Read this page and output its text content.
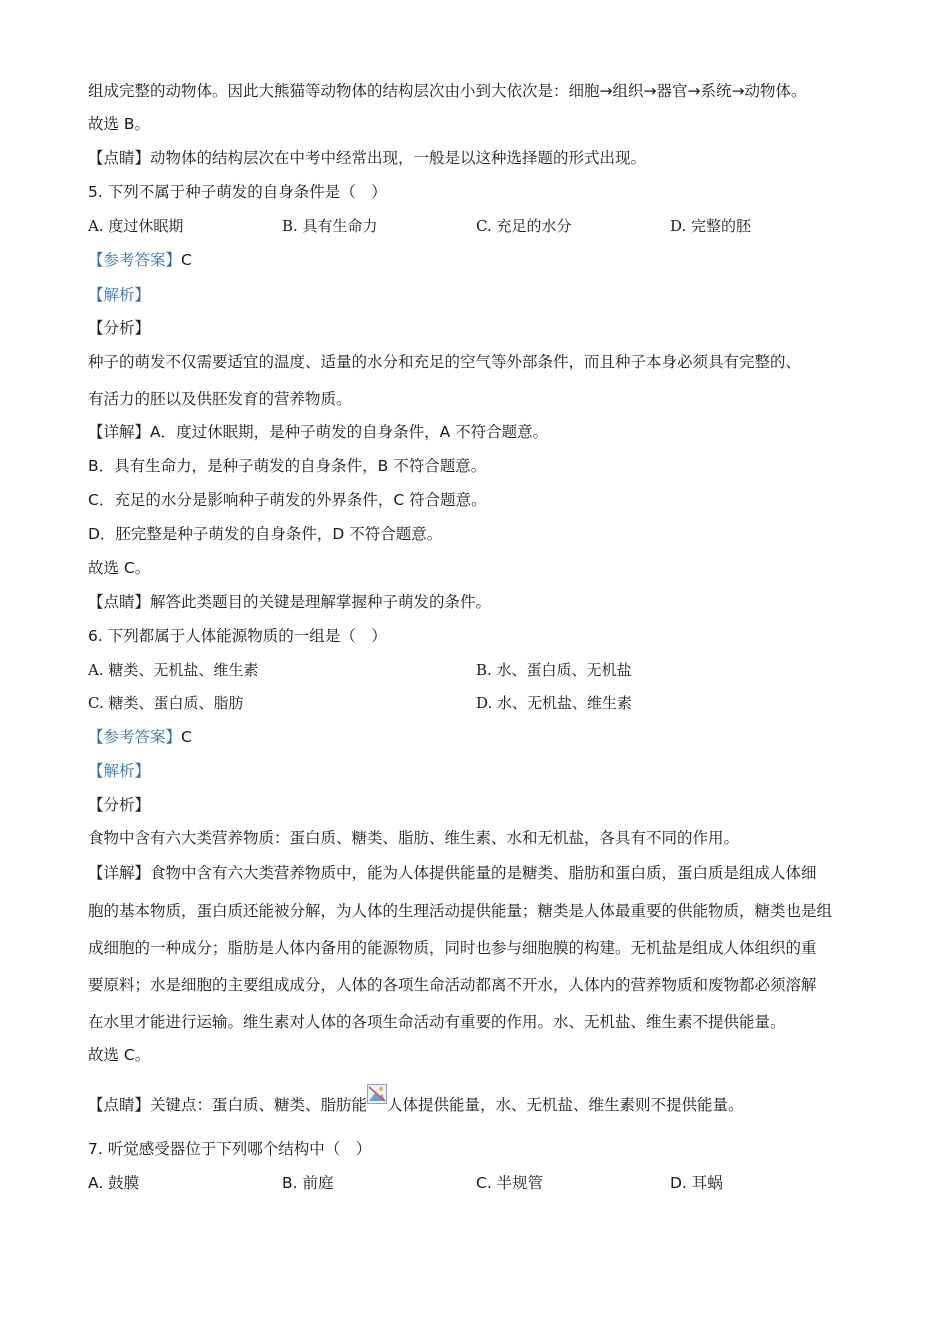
组成完整的动物体。因此大熊猫等动物体的结构层次由小到大依次是：细胞→组织→器官→系统→动物体。
故选 B。
【点睛】动物体的结构层次在中考中经常出现，一般是以这种选择题的形式出现。
5. 下列不属于种子萌发的自身条件是（　）
A. 度过休眠期	B. 具有生命力	C. 充足的水分	D. 完整的胚
【参考答案】C
【解析】
【分析】
种子的萌发不仅需要适宜的温度、适量的水分和充足的空气等外部条件，而且种子本身必须具有完整的、
有活力的胚以及供胚发育的营养物质。
【详解】A．度过休眠期，是种子萌发的自身条件，A 不符合题意。
B．具有生命力，是种子萌发的自身条件，B 不符合题意。
C．充足的水分是影响种子萌发的外界条件，C 符合题意。
D．胚完整是种子萌发的自身条件，D 不符合题意。
故选 C。
【点睛】解答此类题目的关键是理解掌握种子萌发的条件。
6. 下列都属于人体能源物质的一组是（　）
A. 糖类、无机盐、维生素	B. 水、蛋白质、无机盐
C. 糖类、蛋白质、脂肪	D. 水、无机盐、维生素
【参考答案】C
【解析】
【分析】
食物中含有六大类营养物质：蛋白质、糖类、脂肪、维生素、水和无机盐，各具有不同的作用。
【详解】食物中含有六大类营养物质中，能为人体提供能量的是糖类、脂肪和蛋白质，蛋白质是组成人体细
胞的基本物质，蛋白质还能被分解，为人体的生理活动提供能量；糖类是人体最重要的供能物质，糖类也是组
成细胞的一种成分；脂肪是人体内备用的能源物质，同时也参与细胞膜的构建。无机盐是组成人体组织的重
要原料；水是细胞的主要组成成分，人体的各项生命活动都离不开水，人体内的营养物质和废物都必须溶解
在水里才能进行运输。维生素对人体的各项生命活动有重要的作用。水、无机盐、维生素不提供能量。
故选 C。
【点睛】关键点：蛋白质、糖类、脂肪能 人体提供能量，水、无机盐、维生素则不提供能量。
7. 听觉感受器位于下列哪个结构中（　）
A. 鼓膜	B. 前庭	C. 半规管	D. 耳蜗
